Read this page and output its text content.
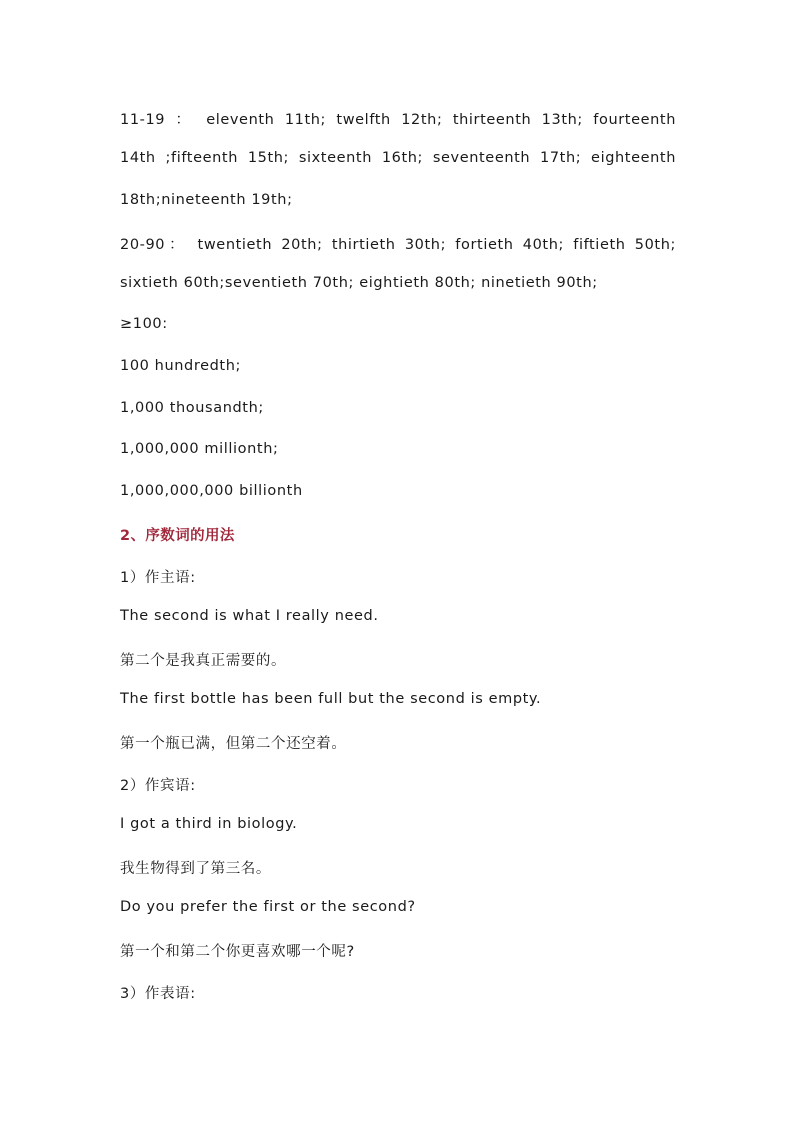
11-19 ： eleventh 11th; twelfth 12th; thirteenth 13th; fourteenth
14th ;fifteenth 15th; sixteenth 16th; seventeenth 17th; eighteenth
18th;nineteenth 19th;
20-90： twentieth 20th; thirtieth 30th; fortieth 40th; fiftieth 50th;
sixtieth 60th;seventieth 70th; eightieth 80th; ninetieth 90th;
≥100:
100 hundredth;
1,000 thousandth;
1,000,000 millionth;
1,000,000,000 billionth
2、序数词的用法
1）作主语:
The second is what I really need.
第二个是我真正需要的。
The first bottle has been full but the second is empty.
第一个瓶已满，但第二个还空着。
2）作宾语:
I got a third in biology.
我生物得到了第三名。
Do you prefer the first or the second?
第一个和第二个你更喜欢哪一个呢?
3）作表语:
